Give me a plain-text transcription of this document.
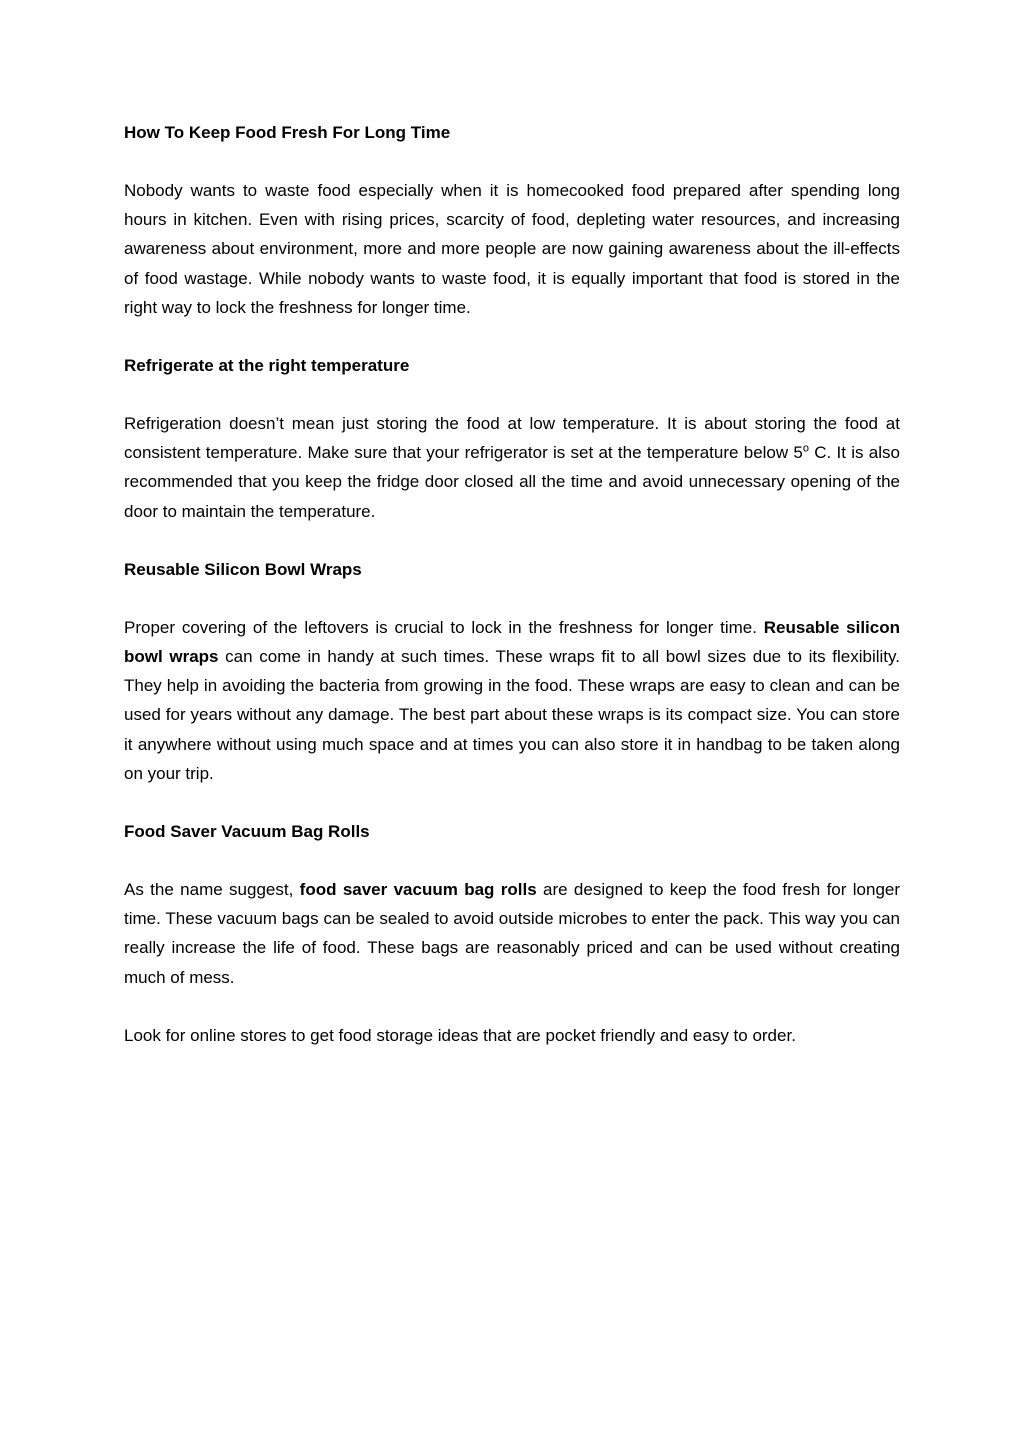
How To Keep Food Fresh For Long Time

Nobody wants to waste food especially when it is homecooked food prepared after spending long hours in kitchen. Even with rising prices, scarcity of food, depleting water resources, and increasing awareness about environment, more and more people are now gaining awareness about the ill-effects of food wastage. While nobody wants to waste food, it is equally important that food is stored in the right way to lock the freshness for longer time.

Refrigerate at the right temperature

Refrigeration doesn’t mean just storing the food at low temperature. It is about storing the food at consistent temperature. Make sure that your refrigerator is set at the temperature below 5$^o$ C. It is also recommended that you keep the fridge door closed all the time and avoid unnecessary opening of the door to maintain the temperature.

Reusable Silicon Bowl Wraps

Proper covering of the leftovers is crucial to lock in the freshness for longer time. Reusable silicon bowl wraps can come in handy at such times. These wraps fit to all bowl sizes due to its flexibility. They help in avoiding the bacteria from growing in the food. These wraps are easy to clean and can be used for years without any damage. The best part about these wraps is its compact size. You can store it anywhere without using much space and at times you can also store it in handbag to be taken along on your trip.

Food Saver Vacuum Bag Rolls

As the name suggest, food saver vacuum bag rolls are designed to keep the food fresh for longer time. These vacuum bags can be sealed to avoid outside microbes to enter the pack. This way you can really increase the life of food. These bags are reasonably priced and can be used without creating much of mess.

Look for online stores to get food storage ideas that are pocket friendly and easy to order.
